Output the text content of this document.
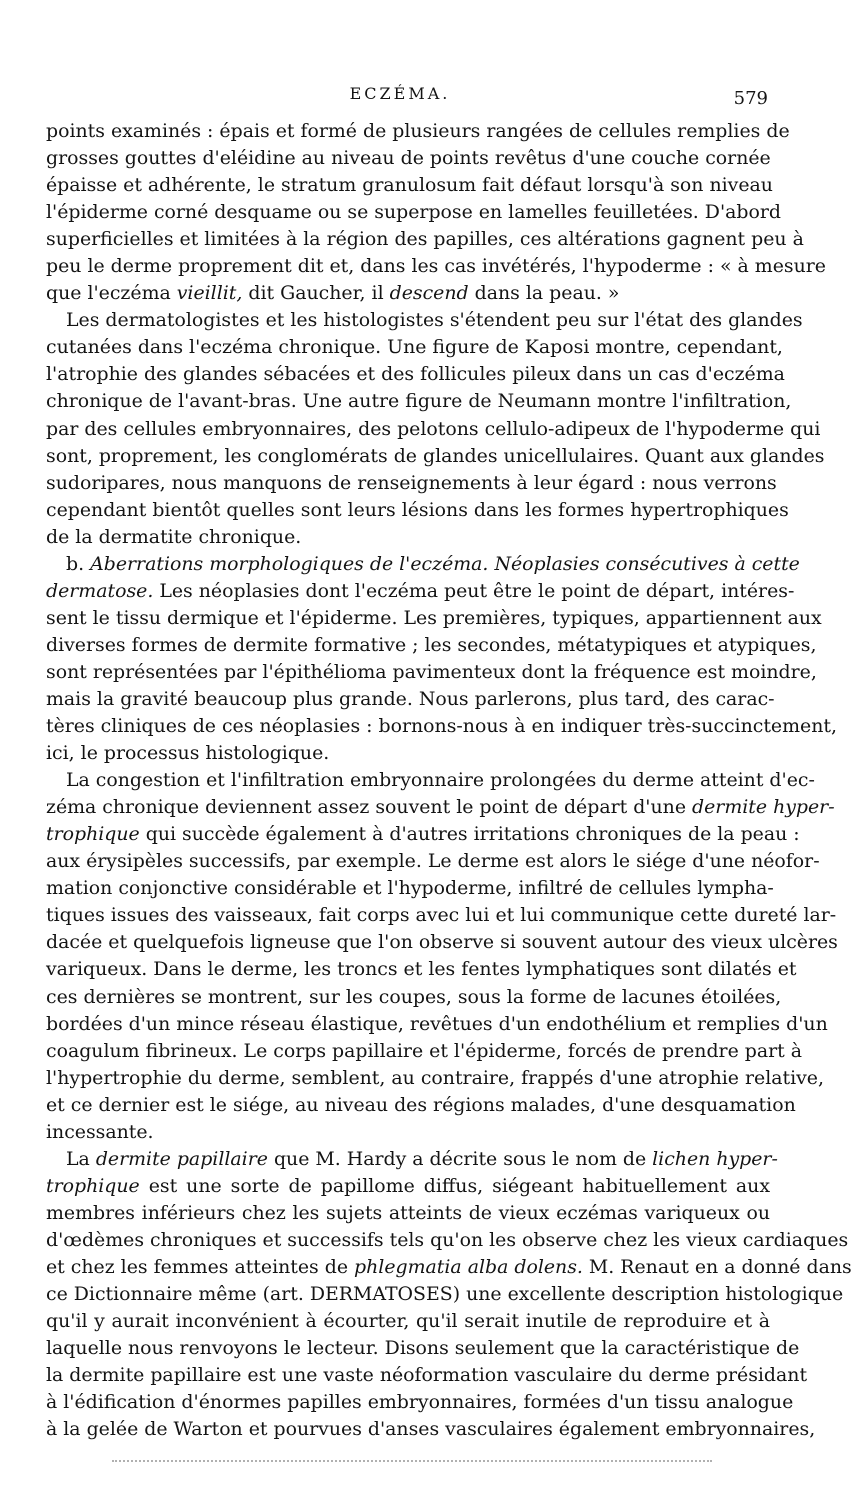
ECZÉMA.	579
points examinés : épais et formé de plusieurs rangées de cellules remplies de
grosses gouttes d'eléidine au niveau de points revêtus d'une couche cornée
épaisse et adhérente, le stratum granulosum fait défaut lorsqu'à son niveau
l'épiderme corné desquame ou se superpose en lamelles feuilletées. D'abord
superficielles et limitées à la région des papilles, ces altérations gagnent peu à
peu le derme proprement dit et, dans les cas invétérés, l'hypoderme : « à mesure
que l'eczéma vieillit, dit Gaucher, il descend dans la peau. »
Les dermatologistes et les histologistes s'étendent peu sur l'état des glandes
cutanées dans l'eczéma chronique. Une figure de Kaposi montre, cependant,
l'atrophie des glandes sébacées et des follicules pileux dans un cas d'eczéma
chronique de l'avant-bras. Une autre figure de Neumann montre l'infiltration,
par des cellules embryonnaires, des pelotons cellulo-adipeux de l'hypoderme qui
sont, proprement, les conglomérats de glandes unicellulaires. Quant aux glandes
sudoripares, nous manquons de renseignements à leur égard : nous verrons
cependant bientôt quelles sont leurs lésions dans les formes hypertrophiques
de la dermatite chronique.
b. Aberrations morphologiques de l'eczéma. Néoplasies consécutives à cette
dermatose. Les néoplasies dont l'eczéma peut être le point de départ, intéres-
sent le tissu dermique et l'épiderme. Les premières, typiques, appartiennent aux
diverses formes de dermite formative ; les secondes, métatypiques et atypiques,
sont représentées par l'épithélioma pavimenteux dont la fréquence est moindre,
mais la gravité beaucoup plus grande. Nous parlerons, plus tard, des carac-
tères cliniques de ces néoplasies : bornons-nous à en indiquer très-succinctement,
ici, le processus histologique.
La congestion et l'infiltration embryonnaire prolongées du derme atteint d'ec-
zéma chronique deviennent assez souvent le point de départ d'une dermite hyper-
trophique qui succède également à d'autres irritations chroniques de la peau :
aux érysipèles successifs, par exemple. Le derme est alors le siége d'une néofor-
mation conjonctive considérable et l'hypoderme, infiltré de cellules lympha-
tiques issues des vaisseaux, fait corps avec lui et lui communique cette dureté lar-
dacée et quelquefois ligneuse que l'on observe si souvent autour des vieux ulcères
variqueux. Dans le derme, les troncs et les fentes lymphatiques sont dilatés et
ces dernières se montrent, sur les coupes, sous la forme de lacunes étoilées,
bordées d'un mince réseau élastique, revêtues d'un endothélium et remplies d'un
coagulum fibrineux. Le corps papillaire et l'épiderme, forcés de prendre part à
l'hypertrophie du derme, semblent, au contraire, frappés d'une atrophie relative,
et ce dernier est le siége, au niveau des régions malades, d'une desquamation
incessante.
La dermite papillaire que M. Hardy a décrite sous le nom de lichen hyper-
trophique est une sorte de papillome diffus, siégeant habituellement aux
membres inférieurs chez les sujets atteints de vieux eczémas variqueux ou
d'œdèmes chroniques et successifs tels qu'on les observe chez les vieux cardiaques
et chez les femmes atteintes de phlegmatia alba dolens. M. Renaut en a donné dans
ce Dictionnaire même (art. DERMATOSES) une excellente description histologique
qu'il y aurait inconvénient à écourter, qu'il serait inutile de reproduire et à
laquelle nous renvoyons le lecteur. Disons seulement que la caractéristique de
la dermite papillaire est une vaste néoformation vasculaire du derme présidant
à l'édification d'énormes papilles embryonnaires, formées d'un tissu analogue
à la gelée de Warton et pourvues d'anses vasculaires également embryonnaires,
